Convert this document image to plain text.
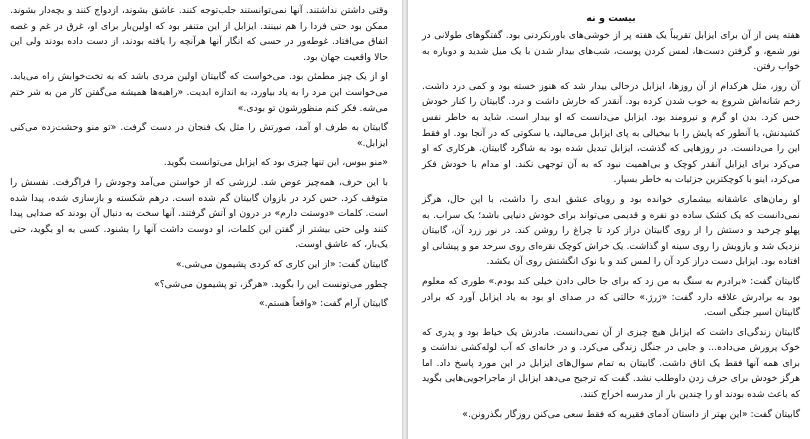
بیست و نه

هفته پس از آن برای ایزابل تقریباً یک هفته پر از خوشی‌های باورنکردنی بود. گفتگوهای طولانی در نور شمع، و گرفتن دست‌ها، لمس کردن پوست، شب‌های بیدار شدن با یک میل شدید و دوباره به خواب رفتن.

آن روز، مثل هرکدام از آن روزها، ایزابل درحالی بیدار شد که هنوز خسته بود و کمی درد داشت. زخم شانه‌اش شروع به خوب شدن کرده بود. آنقدر که خارش داشت و درد. گابیتان را کنار خودش حس کرد. بدن او گرم و نیرومند بود. ایزابل می‌دانست که او بیدار است. شاید به خاطر نفس کشیدنش، یا آنطور که پایش را با بیخیالی به پای ایزابل می‌مالید، یا سکوتی که در آنجا بود. او فقط این را می‌دانست. در روزهایی که گذشت، ایزابل تبدیل شده بود به شاگرد گابیتان. هرکاری که او می‌کرد برای ایزابل آنقدر کوچک و بی‌اهمیت نبود که به آن توجهی نکند. او مدام با خودش فکر می‌کرد، اینو با کوچکترین جزئیات به خاطر بسپار.

او رمان‌های عاشقانه بیشماری خوانده بود و رویای عشق ابدی را داشت، با این حال، هرگز نمی‌دانست که یک کشک ساده دو نفره و قدیمی می‌تواند برای خودش دنیایی باشد؛ یک سراب. به پهلو چرخید و دستش را از روی گابیتان دراز کرد تا چراغ را روشن کند. در نور زرد آن، گابیتان نزدیک شد و بازویش را روی سینه او گذاشت. یک خراش کوچک نقره‌ای روی سرحد مو و پیشانی او افتاده بود. ایزابل دست دراز کرد آن را لمس کند و با نوک انگشتش روی آن بکشد.

گابیتان گفت: «برادرم به سنگ به من زد که برای جا خالی دادن خیلی کند بودم.» طوری که معلوم بود به برادرش علاقه دارد گفت: «ژرژ.» حالتی که در صدای او بود به یاد ایزابل آورد که برادر گابیتان اسیر جنگی است.

گابیتان زندگی‌ای داشت که ایزابل هیچ چیزی از آن نمی‌دانست. مادرش یک خیاط بود و پدری که خوک پرورش می‌داده... و جایی در جنگل زندگی می‌کرد. و در خانه‌ای که آب لوله‌کشی نداشت و برای همه آنها فقط یک اتاق داشت. گابیتان به تمام سوال‌های ایزابل در این مورد پاسخ داد. اما هرگز خودش برای حرف زدن داوطلب نشد. گفت که ترجیح می‌دهد ایزابل از ماجراجویی‌هایی بگوید که باعث شده بودند او را چندین بار از مدرسه اخراج کنند.

گابیتان گفت: «این بهتر از داستان آدمای فقیریه که فقط سعی می‌کنن روزگار بگذرونن.»

وقتی داشتن نداشتند. آنها نمی‌توانستند جلب‌توجه کنند. عاشق بشوند، ازدواج کنند و بچه‌دار بشوند. ممکن بود حتی فردا را هم نبینند. ایزابل از این متنفر بود که اولین‌بار برای او، غرق در غم و غصه اتفاق می‌افتاد. غوطه‌ور در حسی که انگار آنها هرآنچه را یافته بودند، از دست داده بودند ولی این حالا واقعیت جهان بود.

او از یک چیز مطمئن بود. می‌خواست که گابیتان اولین مردی باشد که به تخت‌خوابش راه می‌یابد. می‌خواست این مرد را به یاد بیاورد، به اندازه ابدیت. «راهبه‌ها همیشه می‌گفتن کار من به شر ختم می‌شه. فکر کنم منظورشون تو بودی.»

گابیتان به طرف او آمد، صورتش را مثل یک فنجان در دست گرفت. «تو منو وحشت‌زده می‌کنی ایزابل.»

«منو ببوس، این تنها چیزی بود که ایزابل می‌توانست بگوید.

با این حرف، همه‌چیز عوض شد. لرزشی که از خواستن می‌آمد وجودش را فراگرفت. نفسش را متوقف کرد. حس کرد در بازوان گابیتان گم شده است. درهم شکسته و بازسازی شده، پیدا شده است. کلمات «دوستت دارم» در درون او آتش گرفتند. آنها سخت به دنبال آن بودند که صدایی پیدا کنند ولی حتی بیشتر از گفتن این کلمات، او دوست داشت آنها را بشنود. کسی به او بگوید، حتی یک‌بار، که عاشق اوست.

گابیتان گفت: «از این کاری که کردی پشیمون می‌شی.»

چطور می‌تونست این را بگوید. «هرگز، تو پشیمون می‌شی؟»

گابیتان آرام گفت: «واقعاً هستم.»
